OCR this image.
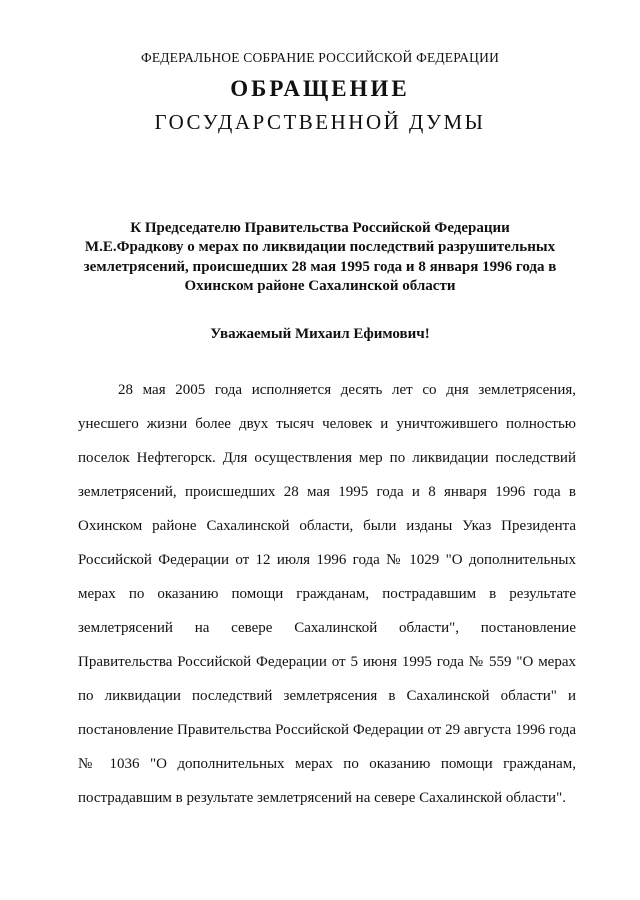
ФЕДЕРАЛЬНОЕ СОБРАНИЕ РОССИЙСКОЙ ФЕДЕРАЦИИ
ОБРАЩЕНИЕ
ГОСУДАРСТВЕННОЙ ДУМЫ
К Председателю Правительства Российской Федерации
М.Е.Фрадкову о мерах по ликвидации последствий разрушительных
землетрясений, происшедших 28 мая 1995 года и 8 января 1996 года в
Охинском районе Сахалинской области
Уважаемый Михаил Ефимович!
28 мая 2005 года исполняется десять лет со дня землетрясения,
унесшего жизни более двух тысяч человек и уничтожившего полностью
поселок Нефтегорск. Для осуществления мер по ликвидации последствий
землетрясений, происшедших 28 мая 1995 года и 8 января 1996 года в
Охинском районе Сахалинской области, были изданы Указ Президента
Российской Федерации от 12 июля 1996 года № 1029 "О дополнительных
мерах по оказанию помощи гражданам, пострадавшим в результате
землетрясений на севере Сахалинской области", постановление
Правительства Российской Федерации от 5 июня 1995 года № 559 "О мерах
по ликвидации последствий землетрясения в Сахалинской области" и
постановление Правительства Российской Федерации от 29 августа 1996 года
№ 1036 "О дополнительных мерах по оказанию помощи гражданам,
пострадавшим в результате землетрясений на севере Сахалинской области".
